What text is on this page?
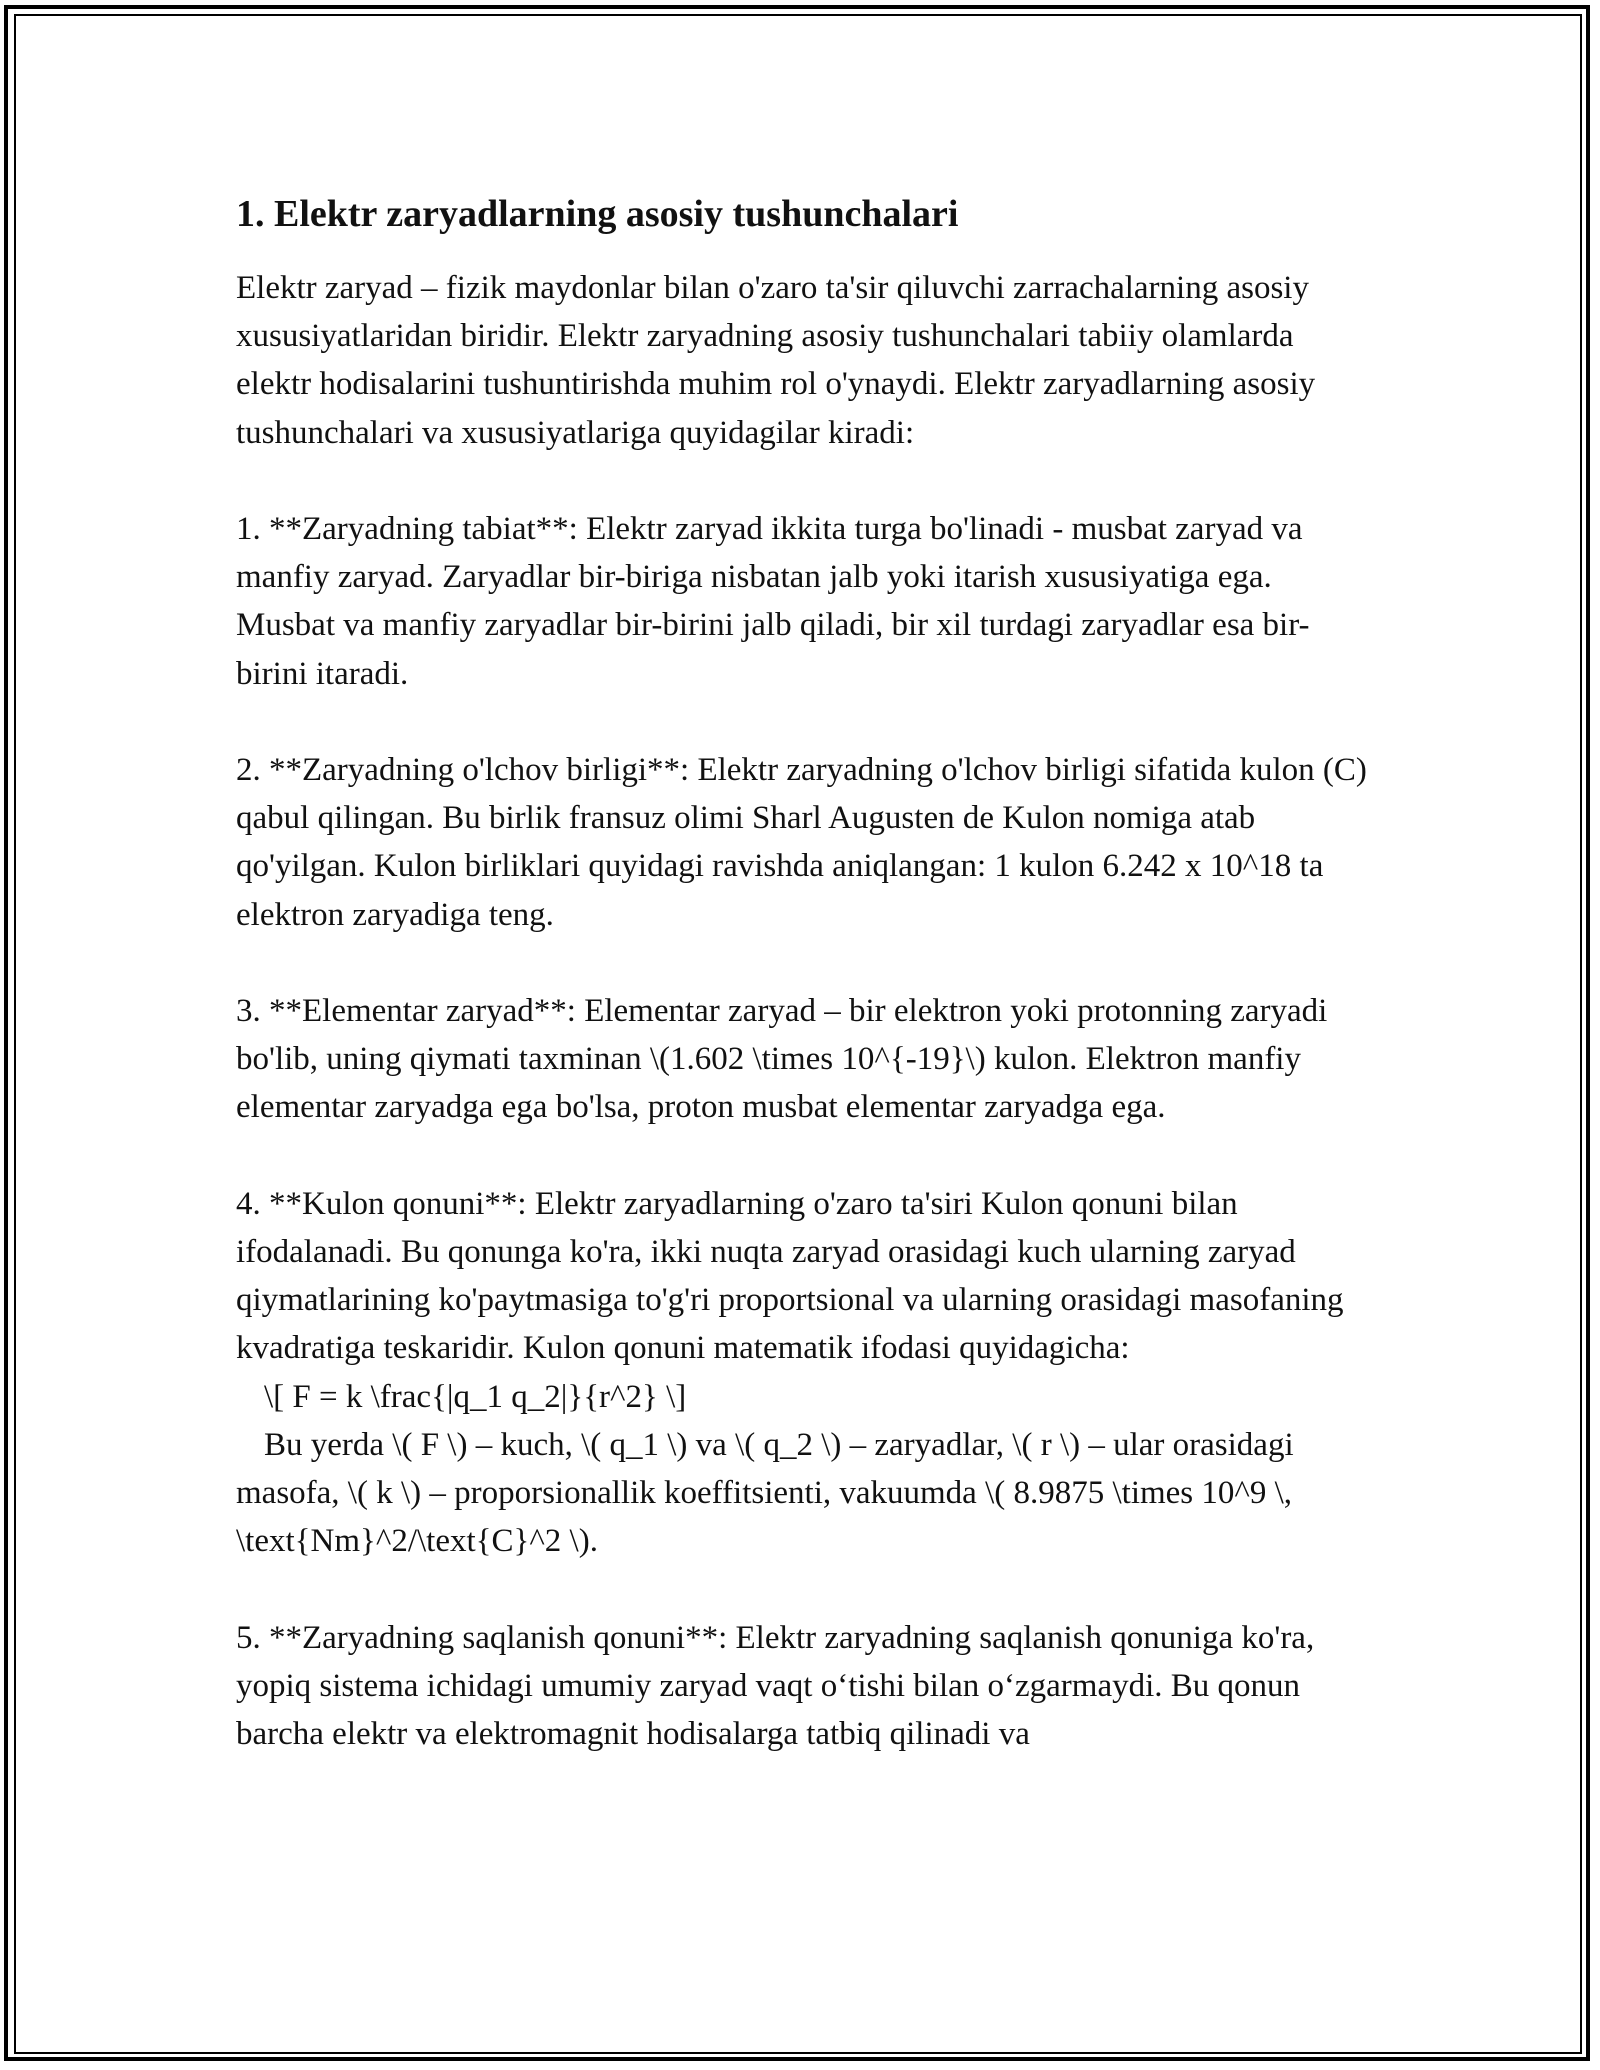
1. Elektr zaryadlarning asosiy tushunchalari

Elektr zaryad – fizik maydonlar bilan o'zaro ta'sir qiluvchi zarrachalarning asosiy xususiyatlaridan biridir. Elektr zaryadning asosiy tushunchalari tabiiy olamlarda elektr hodisalarini tushuntirishda muhim rol o'ynaydi. Elektr zaryadlarning asosiy tushunchalari va xususiyatlariga quyidagilar kiradi:

1. **Zaryadning tabiat**: Elektr zaryad ikkita turga bo'linadi - musbat zaryad va manfiy zaryad. Zaryadlar bir-biriga nisbatan jalb yoki itarish xususiyatiga ega. Musbat va manfiy zaryadlar bir-birini jalb qiladi, bir xil turdagi zaryadlar esa bir-birini itaradi.

2. **Zaryadning o'lchov birligi**: Elektr zaryadning o'lchov birligi sifatida kulon (C) qabul qilingan. Bu birlik fransuz olimi Sharl Augusten de Kulon nomiga atab qo'yilgan. Kulon birliklari quyidagi ravishda aniqlangan: 1 kulon 6.242 x 10^18 ta elektron zaryadiga teng.

3. **Elementar zaryad**: Elementar zaryad – bir elektron yoki protonning zaryadi bo'lib, uning qiymati taxminan \(1.602 \times 10^{-19}\) kulon. Elektron manfiy elementar zaryadga ega bo'lsa, proton musbat elementar zaryadga ega.

4. **Kulon qonuni**: Elektr zaryadlarning o'zaro ta'siri Kulon qonuni bilan ifodalanadi. Bu qonunga ko'ra, ikki nuqta zaryad orasidagi kuch ularning zaryad qiymatlarining ko'paytmasiga to'g'ri proportsional va ularning orasidagi masofaning kvadratiga teskaridir. Kulon qonuni matematik ifodasi quyidagicha:

\[ F = k \frac{|q_1 q_2|}{r^2} \]

Bu yerda \( F \) – kuch, \( q_1 \) va \( q_2 \) – zaryadlar, \( r \) – ular orasidagi masofa, \( k \) – proporsionallik koeffitsienti, vakuumda \( 8.9875 \times 10^9 \, \text{Nm}^2/\text{C}^2 \).

5. **Zaryadning saqlanish qonuni**: Elektr zaryadning saqlanish qonuniga ko'ra, yopiq sistema ichidagi umumiy zaryad vaqt o‘tishi bilan o‘zgarmaydi. Bu qonun barcha elektr va elektromagnit hodisalarga tatbiq qilinadi va
